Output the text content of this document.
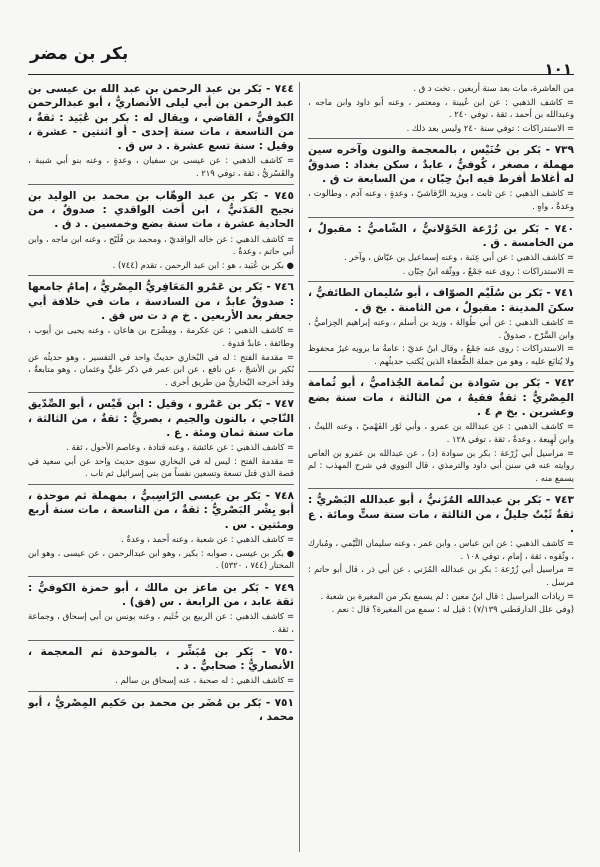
١٠١
بكر بن مضر
من العاشرة، مات بعد سنة أربعين . تخت د ق .
= كاشف الذهبي : عن ابن عُيينة ، ومعتمر ، وعنه أبو داود وابن ماجه ، وعبدالله بن أحمد ، ثقة ، توفي ٢٤٠ .
= الاستدراكات : توفي سنة ٢٤٠ وليس بعد ذلك .
٧٣٩ - بَكر بن خُنَيْس ، بالمعجمة والنون وآخره سين مهملة ، مصغر ، كُوفيٌّ ، عابدٌ ، سكن بغداد : صدوقٌ له أغلاط أفرط فيه ابنُ حِبّان ، من السابعة ت ق .
= كاشف الذهبي : عن ثابت ، ويزيد الرَّقاشيّ ، وعدةٍ ، وعنه آدم ، وطالوت ، وعدةٌ ، واهٍ .
٧٤٠ - بَكر بن زُرْعة الخَوْلانيُّ ، الشّاميُّ : مقبولٌ ، من الخامسة . ق .
= كاشف الذهبي : عن أبي عِنَبة ، وعنه إسماعيل بن عيّاش ، وآخر .
= الاستدراكات : روى عنه جَمْعٌ ، ووثّقه ابنُ حِبّان .
٧٤١ - بَكر بن سُلَيْم الصوّاف ، أبو سُليمان الطائفيُّ ، سكنَ المدينة : مقبولٌ ، من الثامنة . بخ ق .
= كاشف الذهبي : عن أبي طُوَالة ، وزيد بن أسلم ، وعنه إبراهيم الحِزاميُّ ، وابن السَّرْح ، صدوقٌ .
= الاستدراكات : روى عنه جَمْعٌ ، وقال ابنُ عديّ : عامةُ ما يرويه غيرُ محفوظ ولا يُتابَع عليه ، وهو من جملة الضُّعفاء الذين يُكتب حديثُهم .
٧٤٢ - بَكر بن سَوادة بن ثُمامة الجُذاميُّ ، أبو ثُمامة المِصْريُّ : ثقةٌ فقيهٌ ، من الثالثة ، مات سنة بضع وعشرين . بخ م ٤ .
= كاشف الذهبي : عن عبدالله بن عمرو ، وأبي ثَوْر الفَهْميّ ، وعنه الليثُ ، وابن لَهِيعة ، وعدةٌ ، ثقة ، توفي ١٢٨ .
= مراسيل أبي زُرْعة : بكر بن سوادة (د) ، عن عبدالله بن عمرو بن العاص روايته عنه في سنن أبي داود والترمذي ، قال النووي في شرح المهذب : لم يسمع منه .
٧٤٣ - بَكر بن عبدالله المُزَنيُّ ، أبو عبدالله البَصْريُّ : ثقةٌ ثَبْتٌ جليلٌ ، من الثالثة ، مات سنة ستٍّ ومائة . ع .
= كاشف الذهبي : عن ابن عباس ، وابن عمر ، وعنه سليمان التَّيْمي ، ومُبارك ، وثّقوه ، ثقة ، إمام ، توفي ١٠٨ .
= مراسيل أبي زُرْعة : بكر بن عبدالله المُزَني ، عن أبي ذر ، قال أبو حاتم : مرسل .
= زيادات المراسيل : قال ابنُ معين : لم يسمع بكر من المغيرة بن شعبة .
(وفي علل الدارقطني ٧/١٣٩) : قيل له : سمع من المغيرة؟ قال : نعم .
٧٤٤ - بَكر بن عبد الرحمن بن عبد الله بن عيسى بن عبد الرحمن بن أبي ليلى الأنصاريُّ ، أبو عبدالرحمن الكوفيُّ ، القاضي ، ويقال له : بكر بن عُبَيد : ثقةٌ ، من التاسعة ، مات سنة إحدى - أو اثنتين - عشرة ، وقيل : سنة تسع عشرة . د س ق .
= كاشف الذهبي : عن عيسى بن سفيان ، وعدةٍ ، وعنه بنو أبي شيبة ، والقَسْريُّ ، ثقة ، توفي ٢١٩ .
٧٤٥ - بَكر بن عبد الوهّاب بن محمد بن الوليد بن نجيح المَدَنيُّ ، ابن أخت الواقدي : صدوقٌ ، من الحادية عشرة ، مات سنة بضع وخمسين . د ق .
= كاشف الذهبي : عن خاله الواقديّ ، ومحمد بن فُلَيْح ، وعنه ابن ماجه ، وابن أبي حاتم ، وعدةٌ .
● بكر بن عُبَيد ، هو : ابن عبد الرحمن ، تقدم (٧٤٤) .
٧٤٦ - بَكر بن عَمْرو المَعَافِريُّ المِصْريُّ ، إمامُ جامعها : صدوقٌ عابدٌ ، من السادسة ، مات في خلافة أبي جعفر بعد الأربعين . خ م د ت س فق .
= كاشف الذهبي : عن عكرمة ، ومِشْرَح بن هاعان ، وعنه يحيى بن أيوب ، وطائفة ، عابدٌ قدوة .
= مقدمة الفتح : له في البُخاري حديثٌ واحد في التفسير ، وهو حديثُه عن بُكير بن الأشجّ ، عن نافع ، عن ابن عمر في ذكر عليٍّ وعثمان ، وهو متابعةٌ ، وقد أخرجه البُخاريُّ من طريق أخرى .
٧٤٧ - بَكر بن عَمْرو ، وقيل : ابن قَيْس ، أبو الصِّدّيق النّاجي ، بالنون والجيم ، بصريٌّ : ثقةٌ ، من الثالثة ، مات سنة ثمان ومئة . ع .
= كاشف الذهبي : عن عائشة ، وعنه قتادة ، وعاصم الأحول ، ثقة .
= مقدمة الفتح : ليس له في البخاري سوى حديث واحد عن أبي سعيد في قصة الذي قتل تسعة وتسعين نفساً من بني إسرائيل ثم تاب .
٧٤٨ - بَكر بن عيسى الرّاسِبيُّ ، بمهملة ثم موحدة ، أبو بِشْر البَصْريُّ : ثقةٌ ، من التاسعة ، مات سنة أربع ومئتين . س .
= كاشف الذهبي : عن شعبة ، وعنه أحمد ، وعدةٌ .
● بكر بن عيسى ، صوابه : بكير ، وهو ابن عبدالرحمن ، عن عيسى ، وهو ابن المختار (٧٤٤ ، ٥٣٢٠) .
٧٤٩ - بَكر بن ماعز بن مالك ، أبو حمزة الكوفيُّ : ثقة عابد ، من الرابعة . س (فق) .
= كاشف الذهبي : عن الربيع بن خُثَيم ، وعنه يونس بن أبي إسحاق ، وجماعة ، ثقة .
٧٥٠ - بَكر بن مُبَشِّر ، بالموحدة ثم المعجمة ، الأنصاريُّ : صحابيٌّ . د .
= كاشف الذهبي : له صحبة ، عنه إسحاق بن سالم .
٧٥١ - بَكر بن مُضَر بن محمد بن حَكيم المِصْريُّ ، أبو محمد ،
